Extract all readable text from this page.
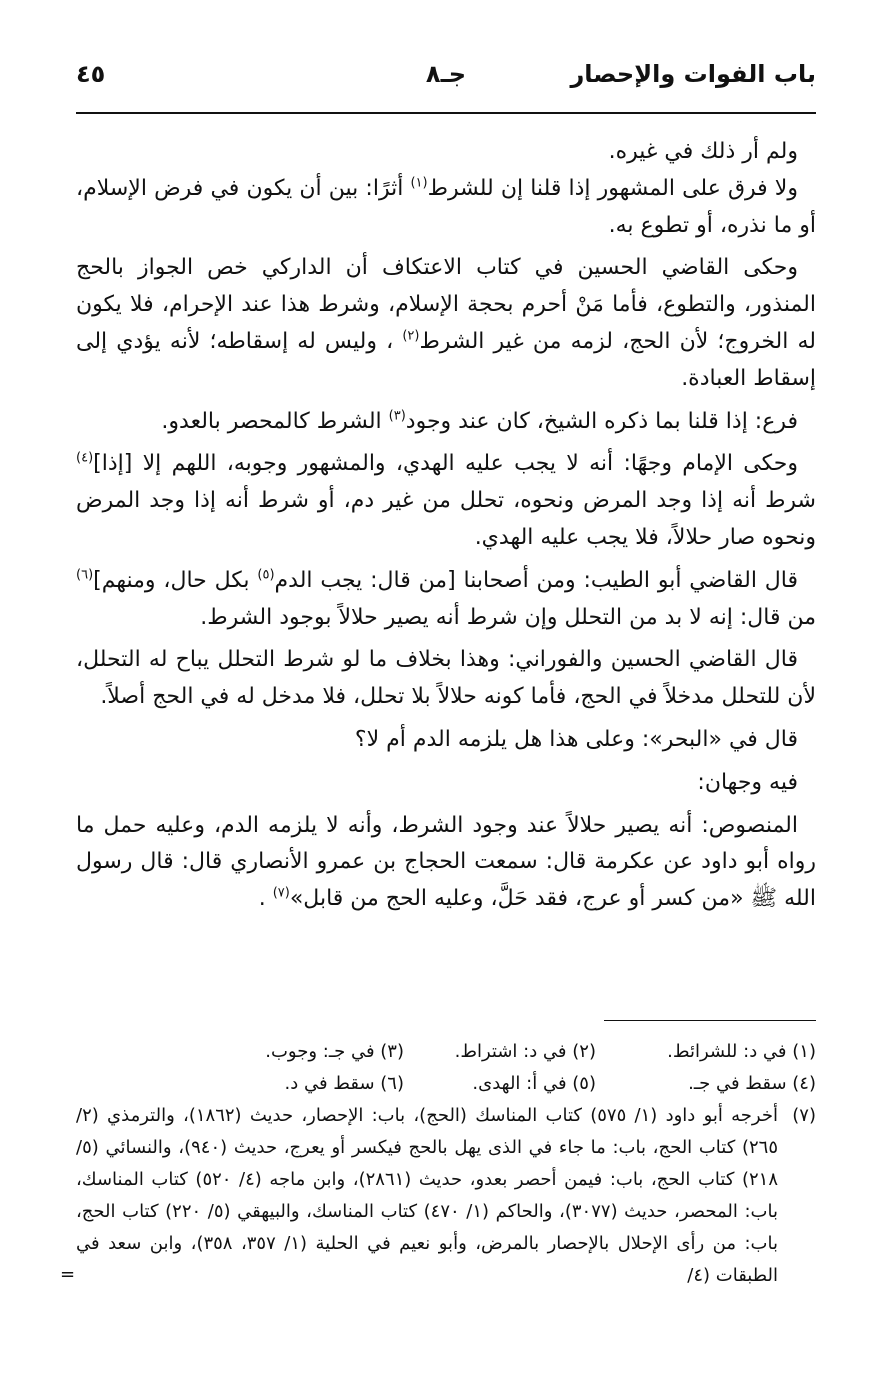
باب الفوات والإحصار
جـ٨
٤٥

ولم أر ذلك في غيره.

ولا فرق على المشهور إذا قلنا إن للشرط$^{(١)}$ أثرًا: بين أن يكون في فرض الإسلام، أو ما نذره، أو تطوع به.

وحكى القاضي الحسين في كتاب الاعتكاف أن الداركي خص الجواز بالحج المنذور، والتطوع، فأما مَنْ أحرم بحجة الإسلام، وشرط هذا عند الإحرام، فلا يكون له الخروج؛ لأن الحج، لزمه من غير الشرط$^{(٢)}$ ، وليس له إسقاطه؛ لأنه يؤدي إلى إسقاط العبادة.

فرع: إذا قلنا بما ذكره الشيخ، كان عند وجود$^{(٣)}$ الشرط كالمحصر بالعدو.

وحكى الإمام وجهًا: أنه لا يجب عليه الهدي، والمشهور وجوبه، اللهم إلا [إذا]$^{(٤)}$ شرط أنه إذا وجد المرض ونحوه، تحلل من غير دم، أو شرط أنه إذا وجد المرض ونحوه صار حلالاً، فلا يجب عليه الهدي.

قال القاضي أبو الطيب: ومن أصحابنا [من قال: يجب الدم$^{(٥)}$ بكل حال، ومنهم]$^{(٦)}$ من قال: إنه لا بد من التحلل وإن شرط أنه يصير حلالاً بوجود الشرط.

قال القاضي الحسين والفوراني: وهذا بخلاف ما لو شرط التحلل يباح له التحلل، لأن للتحلل مدخلاً في الحج، فأما كونه حلالاً بلا تحلل، فلا مدخل له في الحج أصلاً.

قال في «البحر»: وعلى هذا هل يلزمه الدم أم لا؟

فيه وجهان:

المنصوص: أنه يصير حلالاً عند وجود الشرط، وأنه لا يلزمه الدم، وعليه حمل ما رواه أبو داود عن عكرمة قال: سمعت الحجاج بن عمرو الأنصاري قال: قال رسول الله ﷺ «من كسر أو عرج، فقد حَلَّ، وعليه الحج من قابل»$^{(٧)}$ .

(١) في د: للشرائط.
(٢) في د: اشتراط.
(٣) في جـ: وجوب.
(٤) سقط في جـ.
(٥) في أ: الهدى.
(٦) سقط في د.
(٧)
أخرجه أبو داود (١/ ٥٧٥) كتاب المناسك (الحج)، باب: الإحصار، حديث (١٨٦٢)، والترمذي (٢/ ٢٦٥) كتاب الحج، باب: ما جاء في الذى يهل بالحج فيكسر أو يعرج، حديث (٩٤٠)، والنسائي (٥/ ٢١٨) كتاب الحج، باب: فيمن أحصر بعدو، حديث (٢٨٦١)، وابن ماجه (٤/ ٥٢٠) كتاب المناسك، باب: المحصر، حديث (٣٠٧٧)، والحاكم (١/ ٤٧٠) كتاب المناسك، والبيهقي (٥/ ٢٢٠) كتاب الحج، باب: من رأى الإحلال بالإحصار بالمرض، وأبو نعيم في الحلية (١/ ٣٥٧، ٣٥٨)، وابن سعد في الطبقات (٤/
=
